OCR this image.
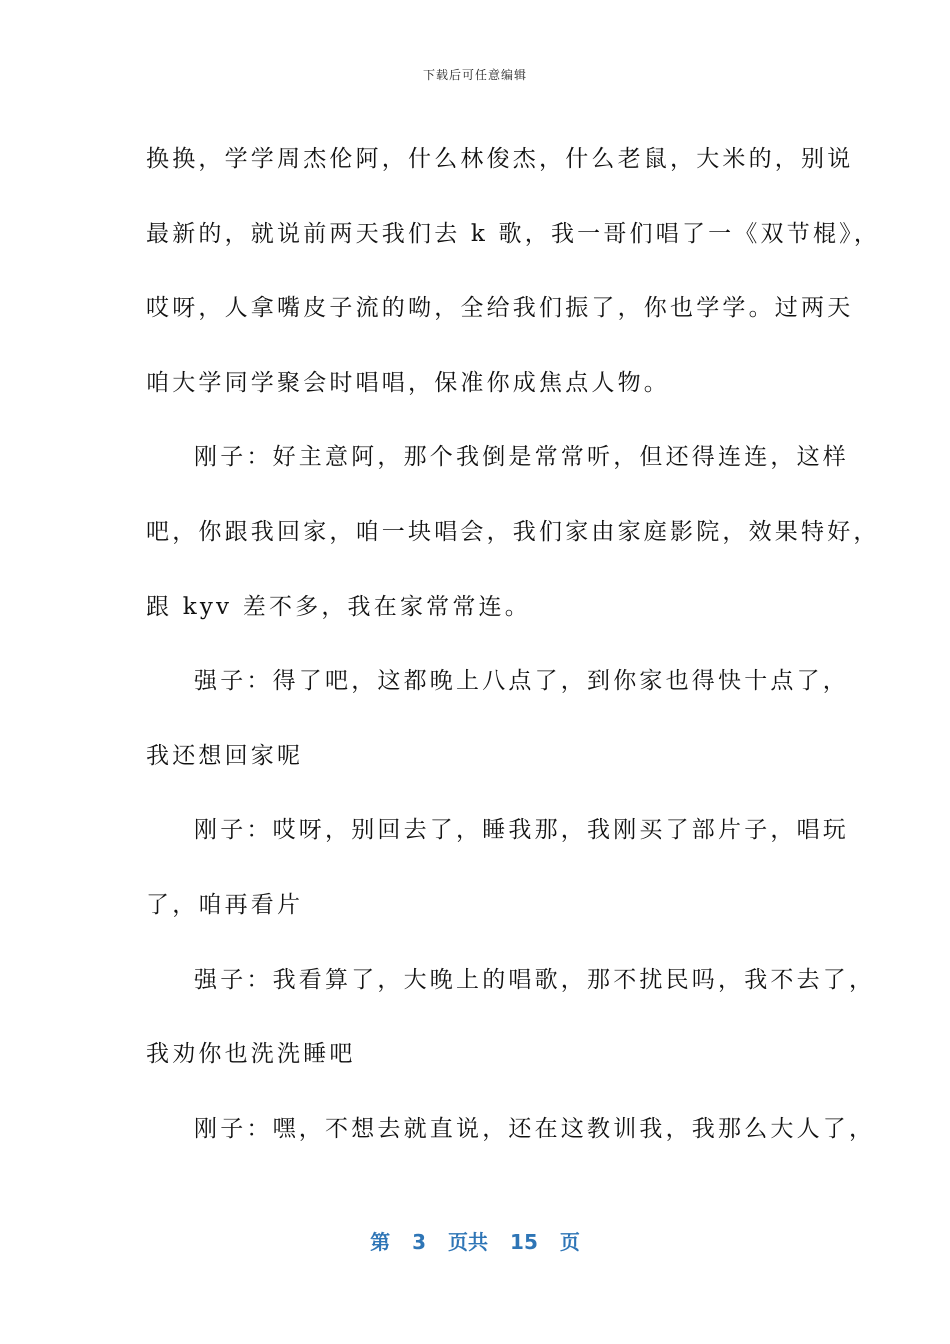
下载后可任意编辑

换换，学学周杰伦阿，什么林俊杰，什么老鼠，大米的，别说

最新的，就说前两天我们去 k 歌，我一哥们唱了一《双节棍》，

哎呀，人拿嘴皮子流的呦，全给我们振了，你也学学。过两天

咱大学同学聚会时唱唱，保准你成焦点人物。

刚子：好主意阿，那个我倒是常常听，但还得连连，这样

吧，你跟我回家，咱一块唱会，我们家由家庭影院，效果特好，

跟 kyv 差不多，我在家常常连。

强子：得了吧，这都晚上八点了，到你家也得快十点了，

我还想回家呢

刚子：哎呀，别回去了，睡我那，我刚买了部片子，唱玩

了，咱再看片

强子：我看算了，大晚上的唱歌，那不扰民吗，我不去了，

我劝你也洗洗睡吧

刚子：嘿，不想去就直说，还在这教训我，我那么大人了，

第 3 页共 15 页
